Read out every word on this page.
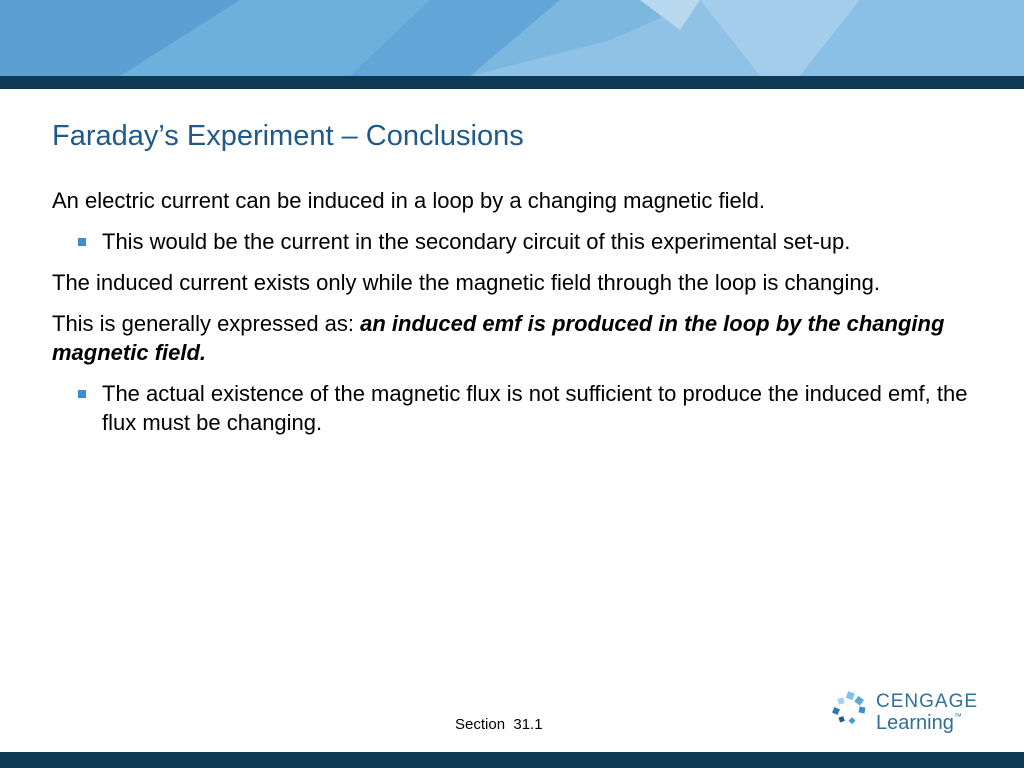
Faraday’s Experiment – Conclusions

An electric current can be induced in a loop by a changing magnetic field.

This would be the current in the secondary circuit of this experimental set-up.

The induced current exists only while the magnetic field through the loop is changing.

This is generally expressed as: an induced emf is produced in the loop by the changing magnetic field.

The actual existence of the magnetic flux is not sufficient to produce the induced emf, the flux must be changing.

Section  31.1
CENGAGE
Learning™
